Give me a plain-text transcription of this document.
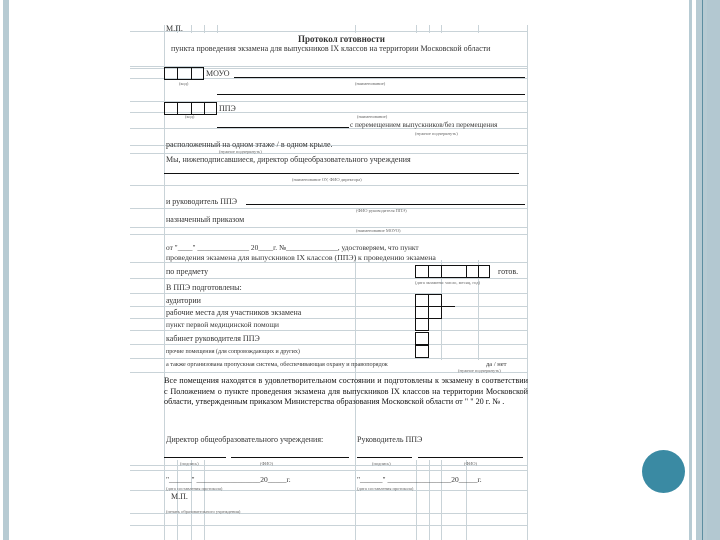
М.П.
Протокол готовности
пункта проведения экзамена для выпускников IX классов на территории Московской области
МОУО
(код)	(наименование)
ППЭ
(код)	(наименование)
с перемещением выпускников/без перемещения
(нужное подчеркнуть)
расположенный на одном этаже / в одном крыле.
(нужное подчеркнуть)
Мы, нижеподписавшиеся, директор общеобразовательного учреждения
(наименование ОУ, ФИО директора)
и руководитель ППЭ
(ФИО руководителя ППЭ)
назначенный приказом
(наименование МОУО)
от "____" ______________ 20____г. №______________, удостоверяем, что пункт
проведения экзамена для выпускников IX классов (ППЭ) к проведению экзамена
по предмету	готов.
(дата экзамена: число, месяц, год)
В ППЭ подготовлены:
аудитории
рабочие места для участников экзамена
пункт первой медицинской помощи
кабинет руководителя ППЭ
прочие помещения (для сопровождающих и других)
а также организована пропускная система, обеспечивающая охрану и правопорядок	да / нет
(нужное подчеркнуть)
Все помещения находятся в удовлетворительном состоянии и подготовлены к экзамену в соответствии с Положением о пункте проведения экзамена для выпускников IX классов на территории Московской области, утвержденным приказом Министерства образования Московской области от " " 20 г. № .
Директор общеобразовательного учреждения:	Руководитель ППЭ
(подпись)	(ФИО)	(подпись)	(ФИО)
"______" _________________20_____г.	"______" _________________20_____г.
(дата составления протокола)	(дата составления протокола)
М.П.
(печать образовательного учреждения)
